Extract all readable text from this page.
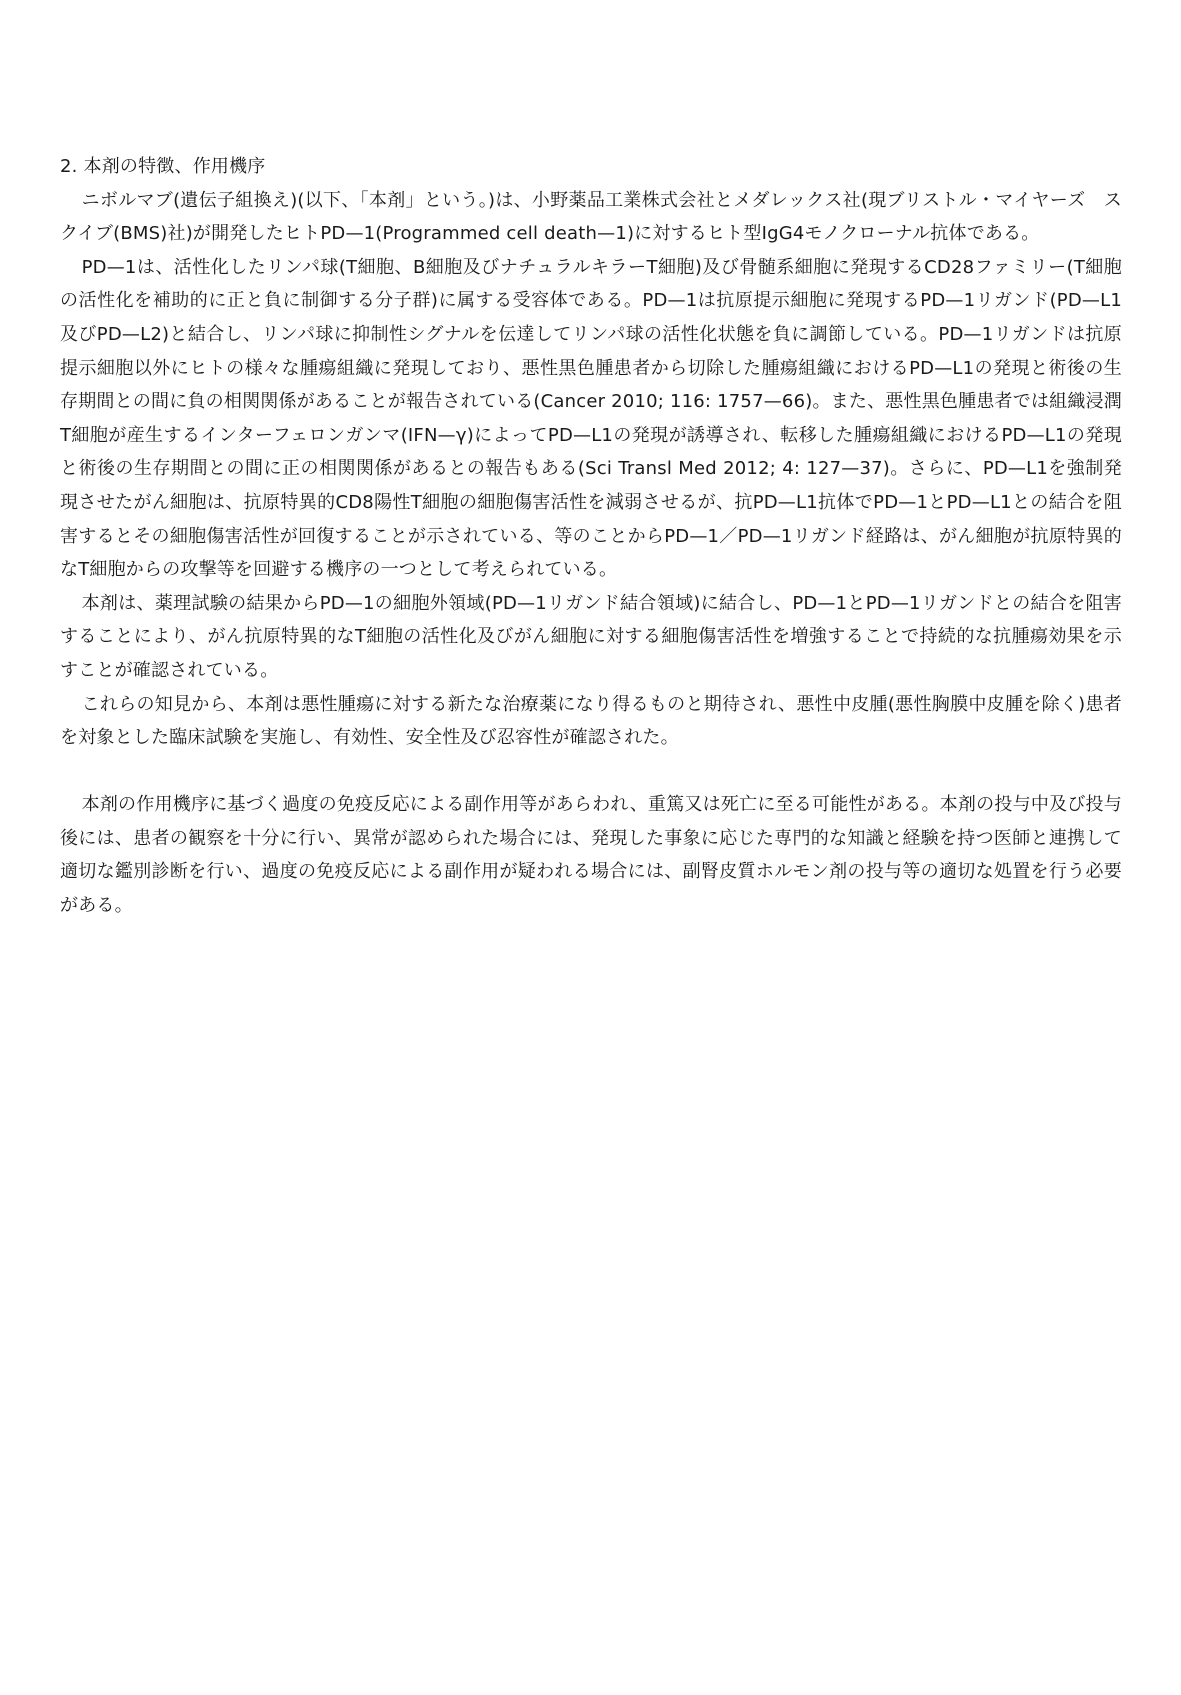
2. 本剤の特徴、作用機序

ニボルマブ(遺伝子組換え)(以下、「本剤」という。)は、小野薬品工業株式会社とメダレックス社(現ブリストル・マイヤーズ　スクイブ(BMS)社)が開発したヒトPD—1(Programmed cell death—1)に対するヒト型IgG4モノクローナル抗体である。

PD—1は、活性化したリンパ球(T細胞、B細胞及びナチュラルキラーT細胞)及び骨髄系細胞に発現するCD28ファミリー(T細胞の活性化を補助的に正と負に制御する分子群)に属する受容体である。PD—1は抗原提示細胞に発現するPD—1リガンド(PD—L1及びPD—L2)と結合し、リンパ球に抑制性シグナルを伝達してリンパ球の活性化状態を負に調節している。PD—1リガンドは抗原提示細胞以外にヒトの様々な腫瘍組織に発現しており、悪性黒色腫患者から切除した腫瘍組織におけるPD—L1の発現と術後の生存期間との間に負の相関関係があることが報告されている(Cancer 2010; 116: 1757—66)。また、悪性黒色腫患者では組織浸潤T細胞が産生するインターフェロンガンマ(IFN—γ)によってPD—L1の発現が誘導され、転移した腫瘍組織におけるPD—L1の発現と術後の生存期間との間に正の相関関係があるとの報告もある(Sci Transl Med 2012; 4: 127—37)。さらに、PD—L1を強制発現させたがん細胞は、抗原特異的CD8陽性T細胞の細胞傷害活性を減弱させるが、抗PD—L1抗体でPD—1とPD—L1との結合を阻害するとその細胞傷害活性が回復することが示されている、等のことからPD—1／PD—1リガンド経路は、がん細胞が抗原特異的なT細胞からの攻撃等を回避する機序の一つとして考えられている。

本剤は、薬理試験の結果からPD—1の細胞外領域(PD—1リガンド結合領域)に結合し、PD—1とPD—1リガンドとの結合を阻害することにより、がん抗原特異的なT細胞の活性化及びがん細胞に対する細胞傷害活性を増強することで持続的な抗腫瘍効果を示すことが確認されている。

これらの知見から、本剤は悪性腫瘍に対する新たな治療薬になり得るものと期待され、悪性中皮腫(悪性胸膜中皮腫を除く)患者を対象とした臨床試験を実施し、有効性、安全性及び忍容性が確認された。

本剤の作用機序に基づく過度の免疫反応による副作用等があらわれ、重篤又は死亡に至る可能性がある。本剤の投与中及び投与後には、患者の観察を十分に行い、異常が認められた場合には、発現した事象に応じた専門的な知識と経験を持つ医師と連携して適切な鑑別診断を行い、過度の免疫反応による副作用が疑われる場合には、副腎皮質ホルモン剤の投与等の適切な処置を行う必要がある。
